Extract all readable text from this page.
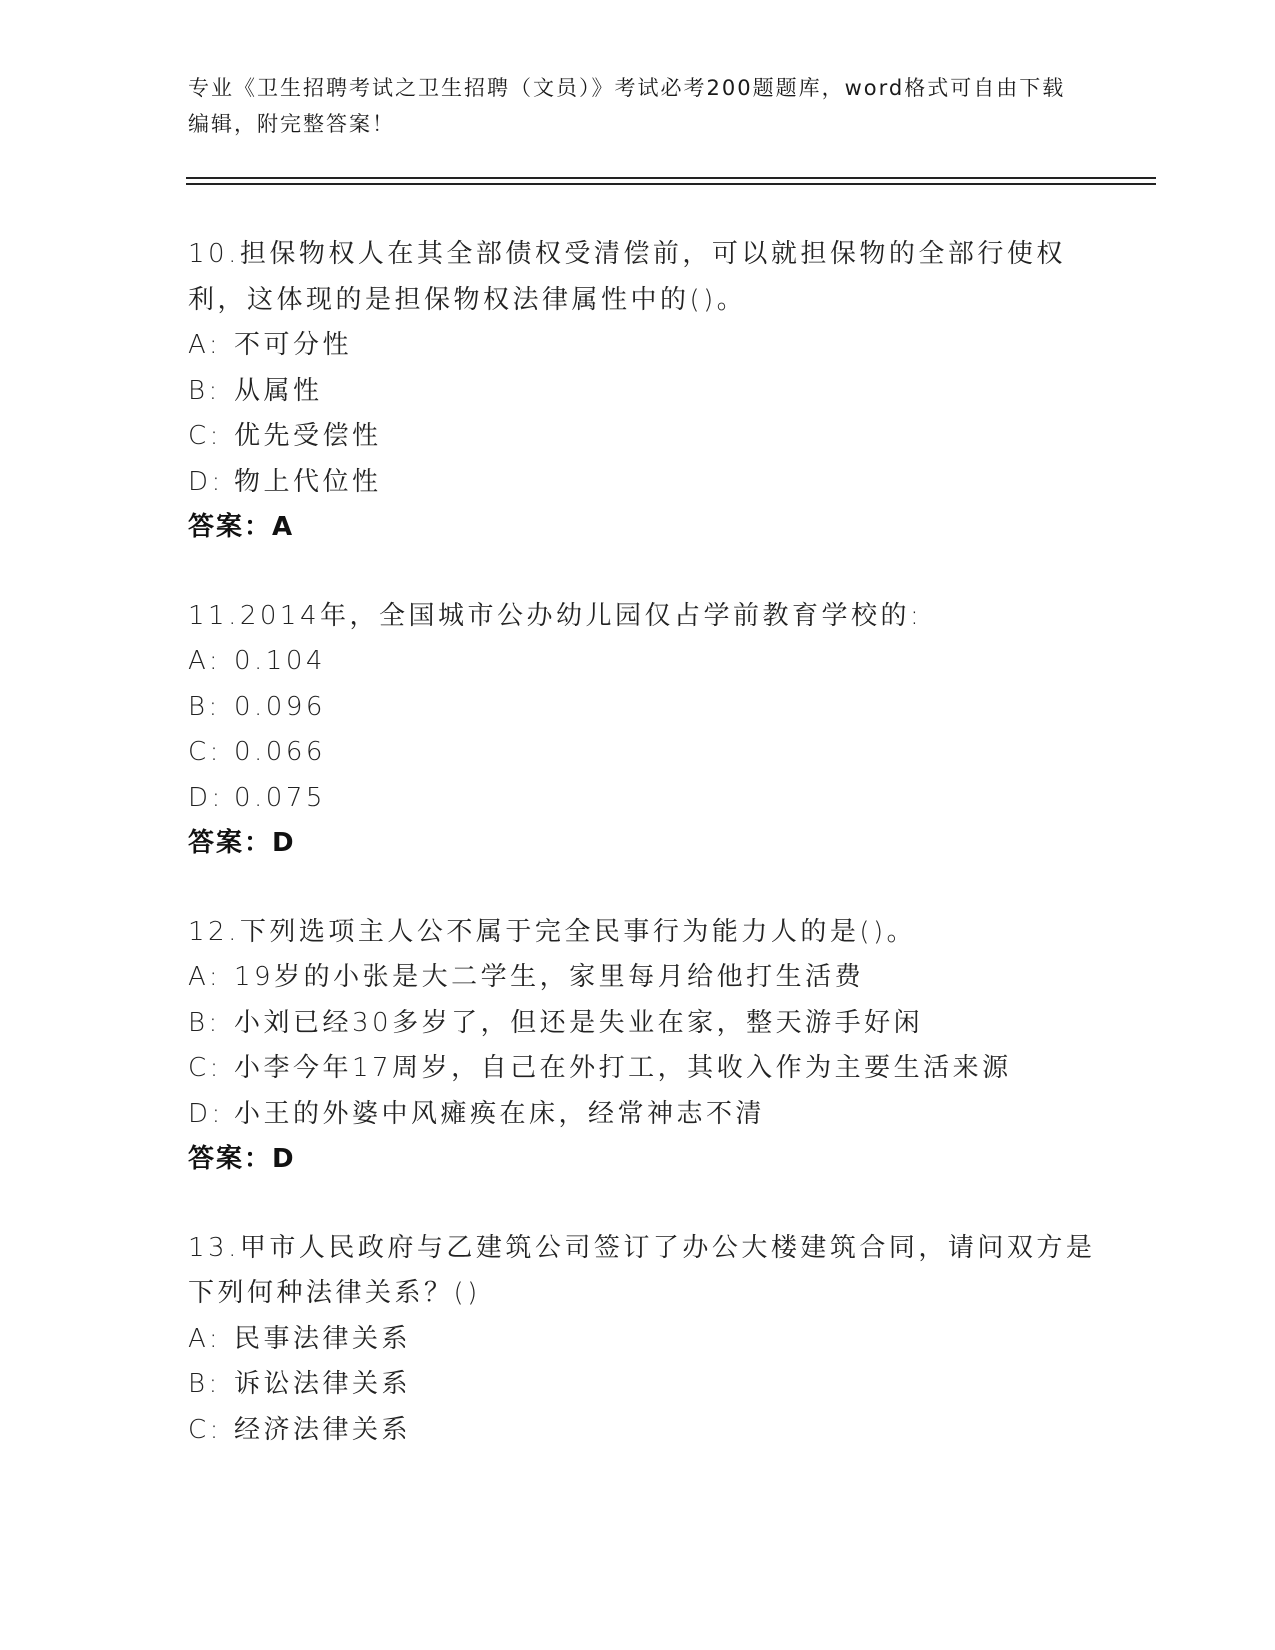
专业《卫生招聘考试之卫生招聘（文员）》考试必考200题题库，word格式可自由下载编辑，附完整答案！
10.担保物权人在其全部债权受清偿前，可以就担保物的全部行使权利，这体现的是担保物权法律属性中的()。
A: 不可分性
B: 从属性
C: 优先受偿性
D: 物上代位性
答案：A
11.2014年，全国城市公办幼儿园仅占学前教育学校的:
A: 0.104
B: 0.096
C: 0.066
D: 0.075
答案：D
12.下列选项主人公不属于完全民事行为能力人的是()。
A: 19岁的小张是大二学生，家里每月给他打生活费
B: 小刘已经30多岁了，但还是失业在家，整天游手好闲
C: 小李今年17周岁，自己在外打工，其收入作为主要生活来源
D: 小王的外婆中风瘫痪在床，经常神志不清
答案：D
13.甲市人民政府与乙建筑公司签订了办公大楼建筑合同，请问双方是下列何种法律关系？()
A: 民事法律关系
B: 诉讼法律关系
C: 经济法律关系
